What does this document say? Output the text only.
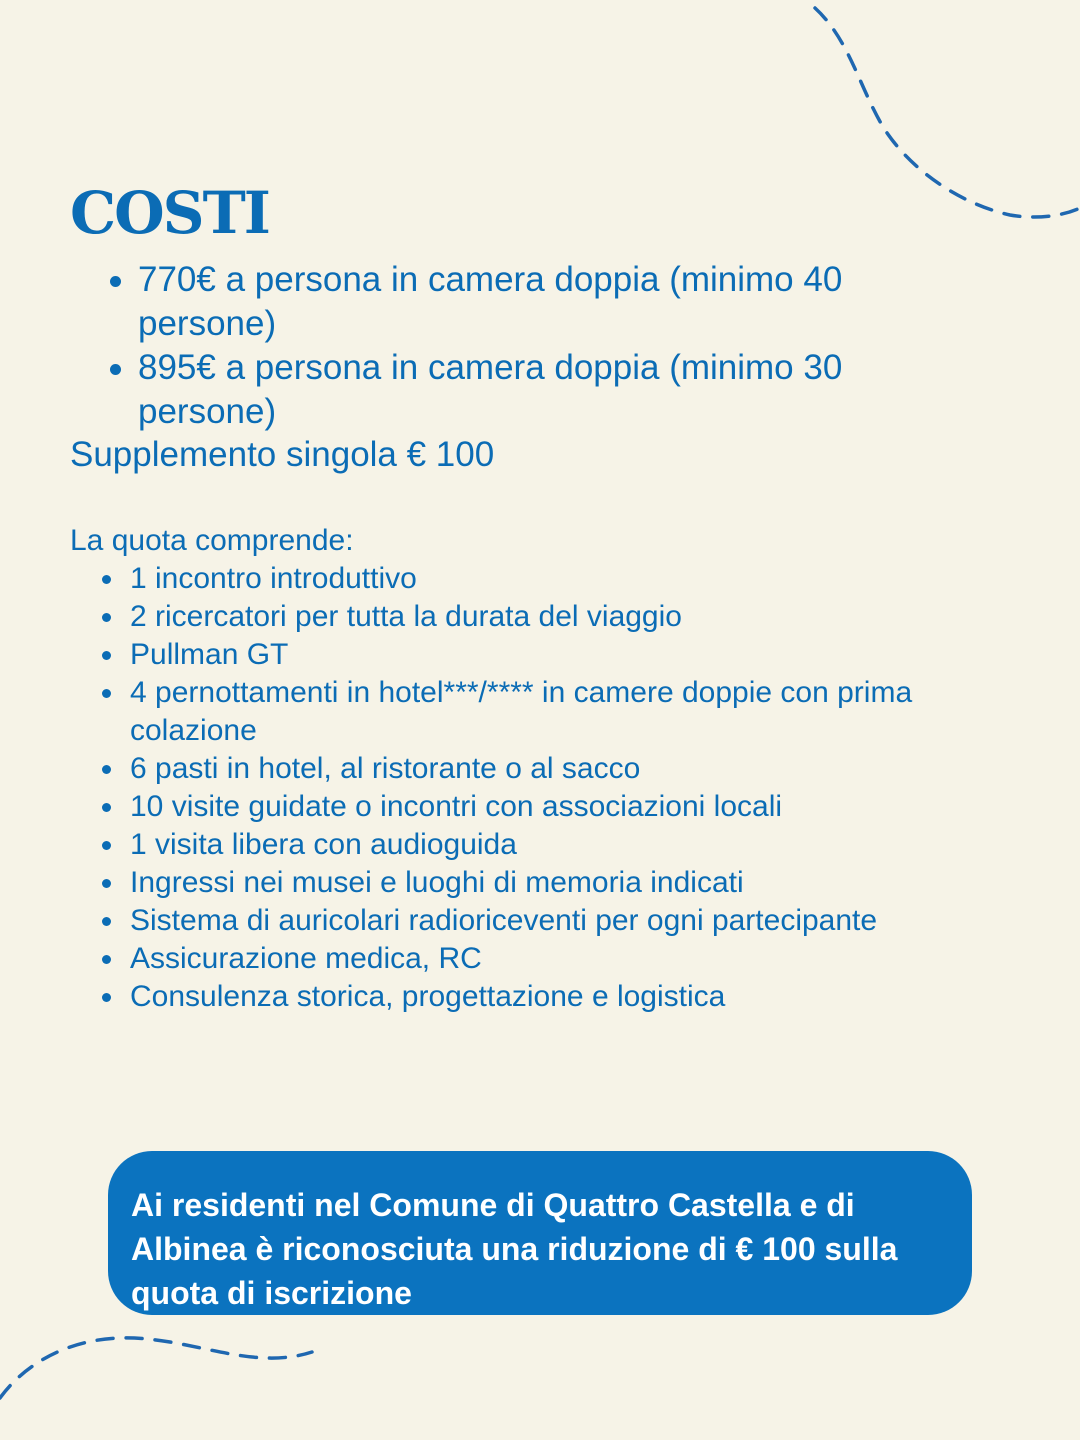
COSTI
770€ a persona in camera doppia (minimo 40 persone)
895€ a persona in camera doppia (minimo 30 persone)

Supplemento singola € 100

La quota comprende:

1 incontro introduttivo
2 ricercatori per tutta la durata del viaggio
Pullman GT
4 pernottamenti in hotel***/**** in camere doppie con prima colazione
6 pasti in hotel, al ristorante o al sacco
10 visite guidate o incontri con associazioni locali
1 visita libera con audioguida
Ingressi nei musei e luoghi di memoria indicati
Sistema di auricolari radioriceventi per ogni partecipante
Assicurazione medica, RC
Consulenza storica, progettazione e logistica

Ai residenti nel Comune di Quattro Castella e di Albinea è riconosciuta una riduzione di € 100 sulla quota di iscrizione
